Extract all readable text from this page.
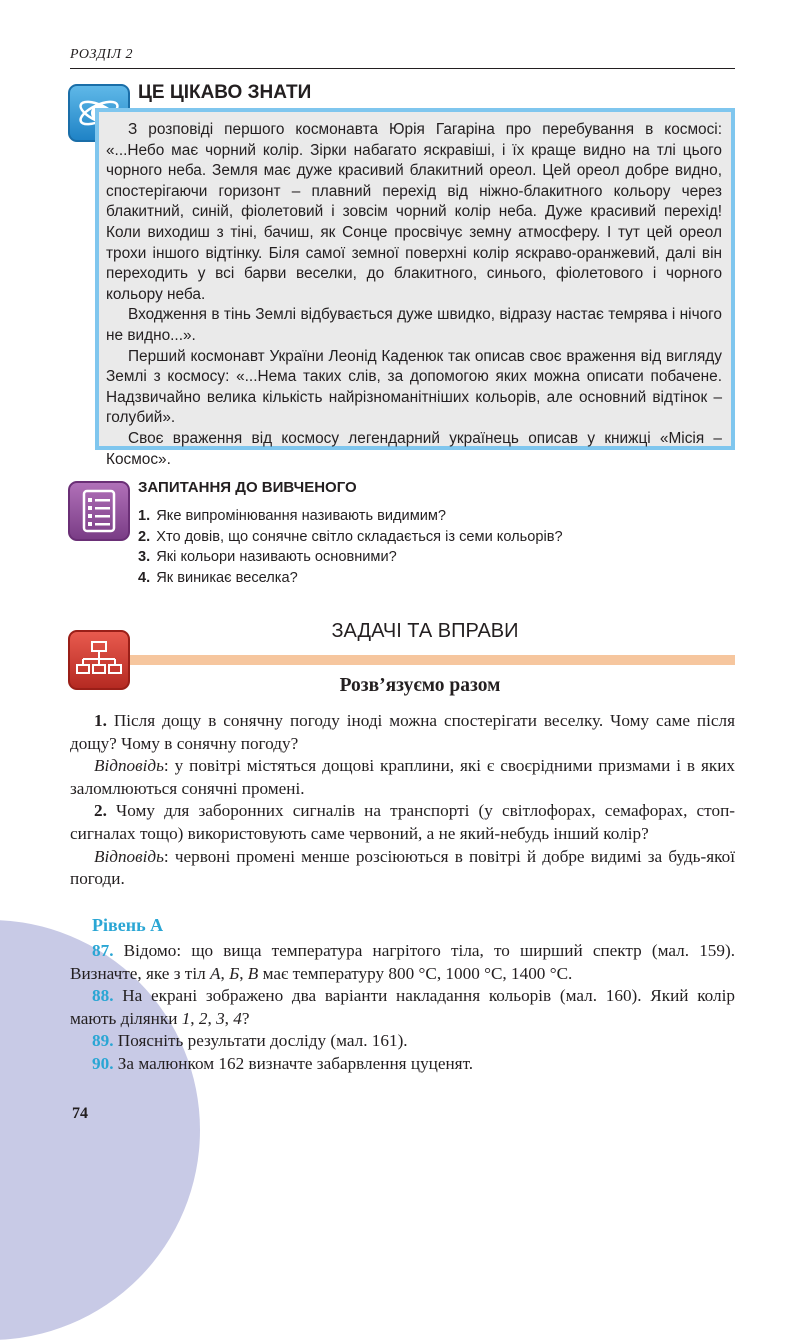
РОЗДІЛ 2
ЦЕ ЦІКАВО ЗНАТИ

З розповіді першого космонавта Юрія Гагаріна про перебування в космосі: «...Небо має чорний колір. Зірки набагато яскравіші, і їх краще видно на тлі цього чорного неба. Земля має дуже красивий блакитний ореол. Цей ореол добре видно, спостерігаючи горизонт – плавний перехід від ніжно-блакитного кольору через блакитний, синій, фіолетовий і зовсім чорний колір неба. Дуже красивий перехід! Коли виходиш з тіні, бачиш, як Сонце просвічує земну атмосферу. І тут цей ореол трохи іншого відтінку. Біля самої земної поверхні колір яскраво-оранжевий, далі він переходить у всі барви веселки, до блакитного, синього, фіолетового і чорного кольору неба.

Входження в тінь Землі відбувається дуже швидко, відразу настає темрява і нічого не видно...».

Перший космонавт України Леонід Каденюк так описав своє враження від вигляду Землі з космосу: «...Нема таких слів, за допомогою яких можна описати побачене. Надзвичайно велика кількість найрізноманітніших кольорів, але основний відтінок – голубий».

Своє враження від космосу легендарний українець описав у книжці «Місія – Космос».

ЗАПИТАННЯ ДО ВИВЧЕНОГО
1. Яке випромінювання називають видимим?
2. Хто довів, що сонячне світло складається із семи кольорів?
3. Які кольори називають основними?
4. Як виникає веселка?
ЗАДАЧІ ТА ВПРАВИ
Розв’язуємо разом

1. Після дощу в сонячну погоду іноді можна спостерігати веселку. Чому саме після дощу? Чому в сонячну погоду?

Відповідь: у повітрі містяться дощові краплини, які є своєрідними призмами і в яких заломлюються сонячні промені.

2. Чому для заборонних сигналів на транспорті (у світлофорах, семафорах, стоп-сигналах тощо) використовують саме червоний, а не який-небудь інший колір?

Відповідь: червоні промені менше розсіюються в повітрі й добре видимі за будь-якої погоди.

Рівень А

87. Відомо: що вища температура нагрітого тіла, то ширший спектр (мал. 159). Визначте, яке з тіл А, Б, В має температуру 800 °С, 1000 °С, 1400 °С.

88. На екрані зображено два варіанти накладання кольорів (мал. 160). Який колір мають ділянки 1, 2, 3, 4?

89. Поясніть результати досліду (мал. 161).

90. За малюнком 162 визначте забарвлення цуценят.

74
